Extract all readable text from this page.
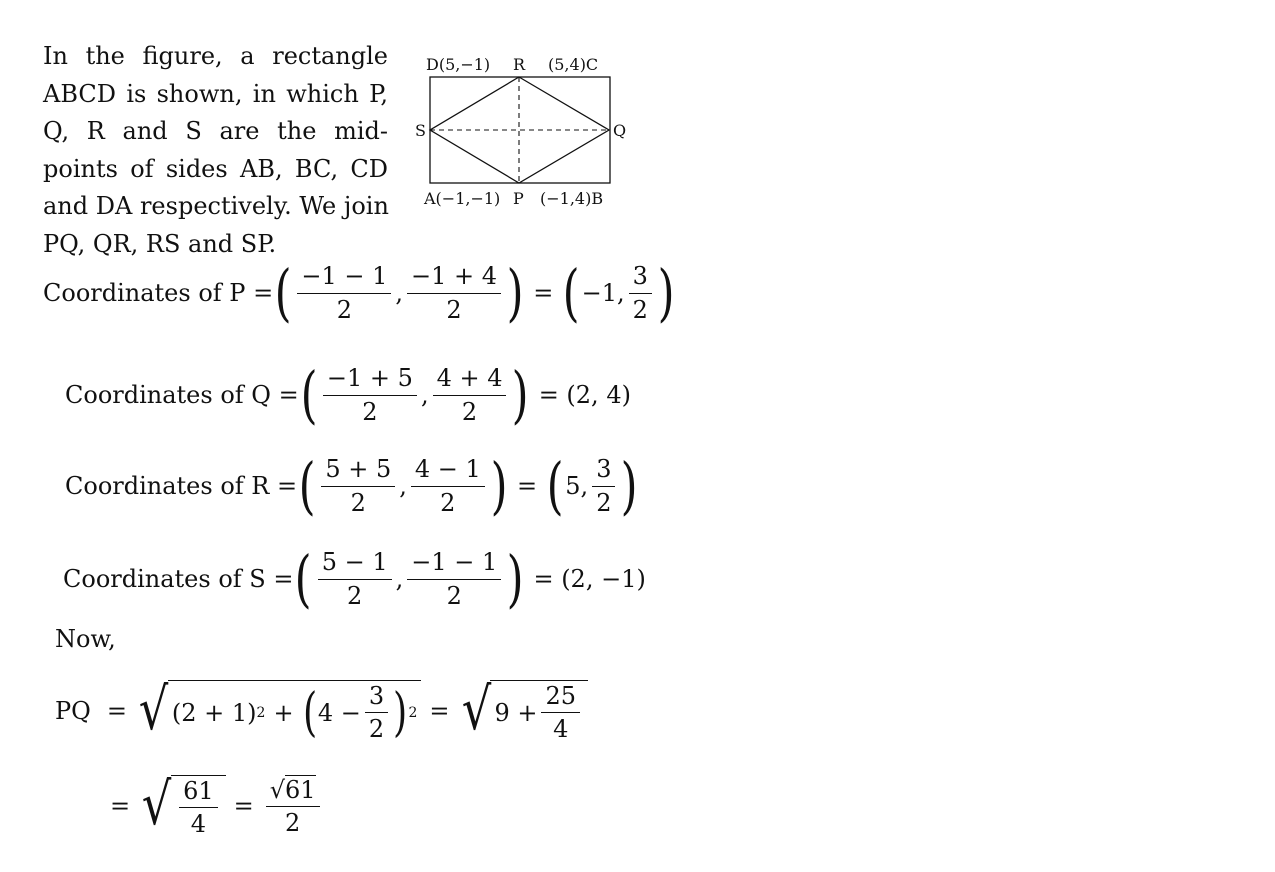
In the figure, a rectangle
ABCD is shown, in which P,
Q, R and S are the mid-
points of sides AB, BC, CD
and DA respectively. We join
PQ, QR, RS and SP.
D(5,−1) R (5,4)C
S	Q
A(−1,−1) P (−1,4)B
Coordinates of P = ( $\frac{-1 - 1}{2}$ , $\frac{-1 + 4}{2}$ ) = ( −1, $\frac{3}{2}$ )
Coordinates of Q = ( $\frac{-1 + 5}{2}$ , $\frac{4 + 4}{2}$ ) = (2, 4)
Coordinates of R = ( $\frac{5 + 5}{2}$ , $\frac{4 - 1}{2}$ ) = ( 5, $\frac{3}{2}$ )
Coordinates of S = ( $\frac{5 - 1}{2}$ , $\frac{-1 - 1}{2}$ ) = (2, −1)
Now,
PQ = √ (2 + 1) 2 + ( $4 - \frac{3}{2}$ ) 2 = √ $9 + \frac{25}{4}$
= √ $\frac{61}{4} = \frac{√61}{2}$
